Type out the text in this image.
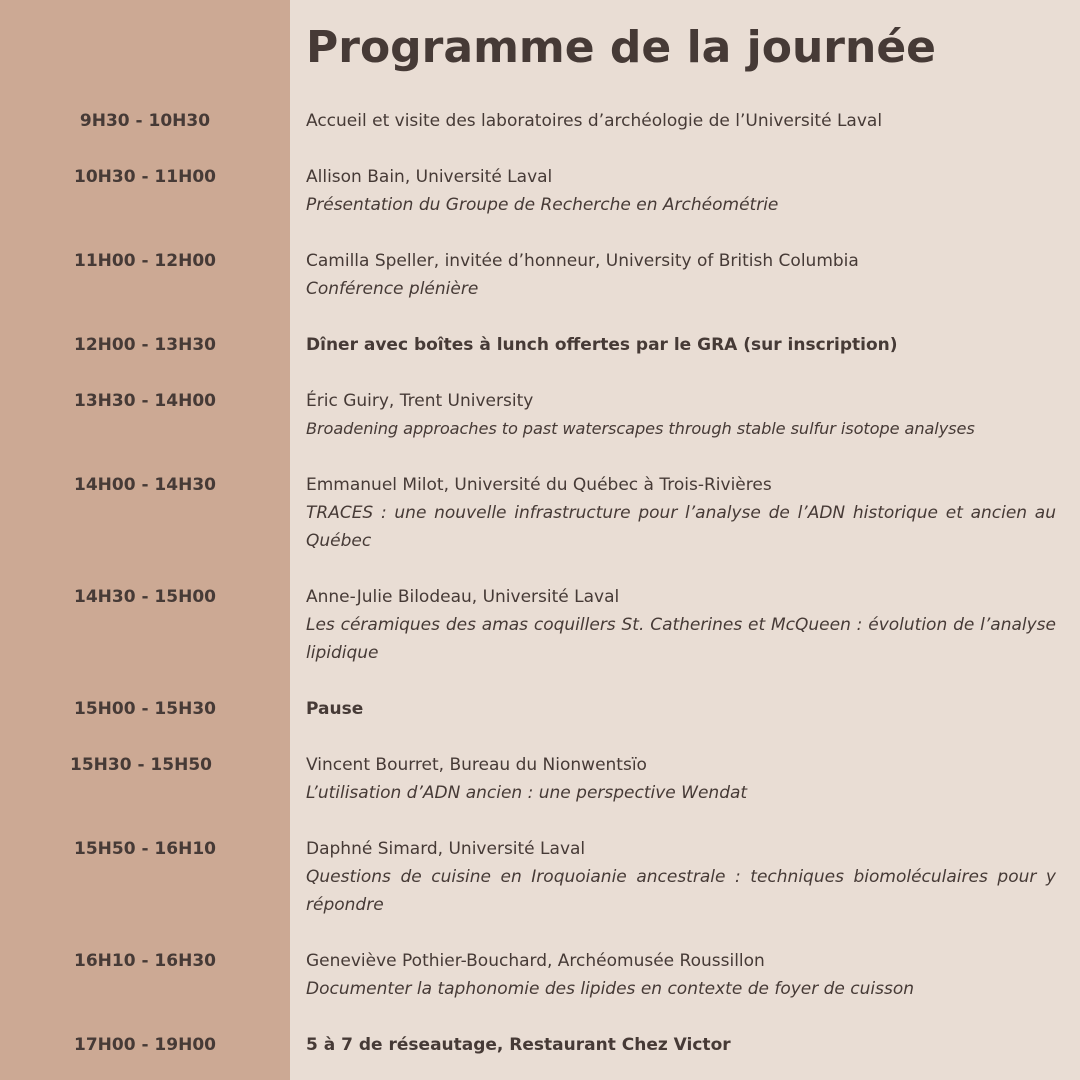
Programme de la journée
9H30 - 10H30	Accueil et visite des laboratoires d’archéologie de l’Université Laval
10H30 - 11H00	Allison Bain, Université Laval
Présentation du Groupe de Recherche en Archéométrie
11H00 - 12H00	Camilla Speller, invitée d’honneur, University of British Columbia
Conférence plénière
12H00 - 13H30	Dîner avec boîtes à lunch offertes par le GRA (sur inscription)
13H30 - 14H00	Éric Guiry, Trent University
Broadening approaches to past waterscapes through stable sulfur isotope analyses
14H00 - 14H30	Emmanuel Milot, Université du Québec à Trois-Rivières
TRACES : une nouvelle infrastructure pour l’analyse de l’ADN historique et ancien au Québec
14H30 - 15H00	Anne-Julie Bilodeau, Université Laval
Les céramiques des amas coquillers St. Catherines et McQueen : évolution de l’analyse lipidique
15H00 - 15H30	Pause
15H30 - 15H50	Vincent Bourret, Bureau du Nionwentsïo
L’utilisation d’ADN ancien : une perspective Wendat
15H50 - 16H10	Daphné Simard, Université Laval
Questions de cuisine en Iroquoianie ancestrale : techniques biomoléculaires pour y répondre
16H10 - 16H30	Geneviève Pothier-Bouchard, Archéomusée Roussillon
Documenter la taphonomie des lipides en contexte de foyer de cuisson
17H00 - 19H00	5 à 7 de réseautage, Restaurant Chez Victor
